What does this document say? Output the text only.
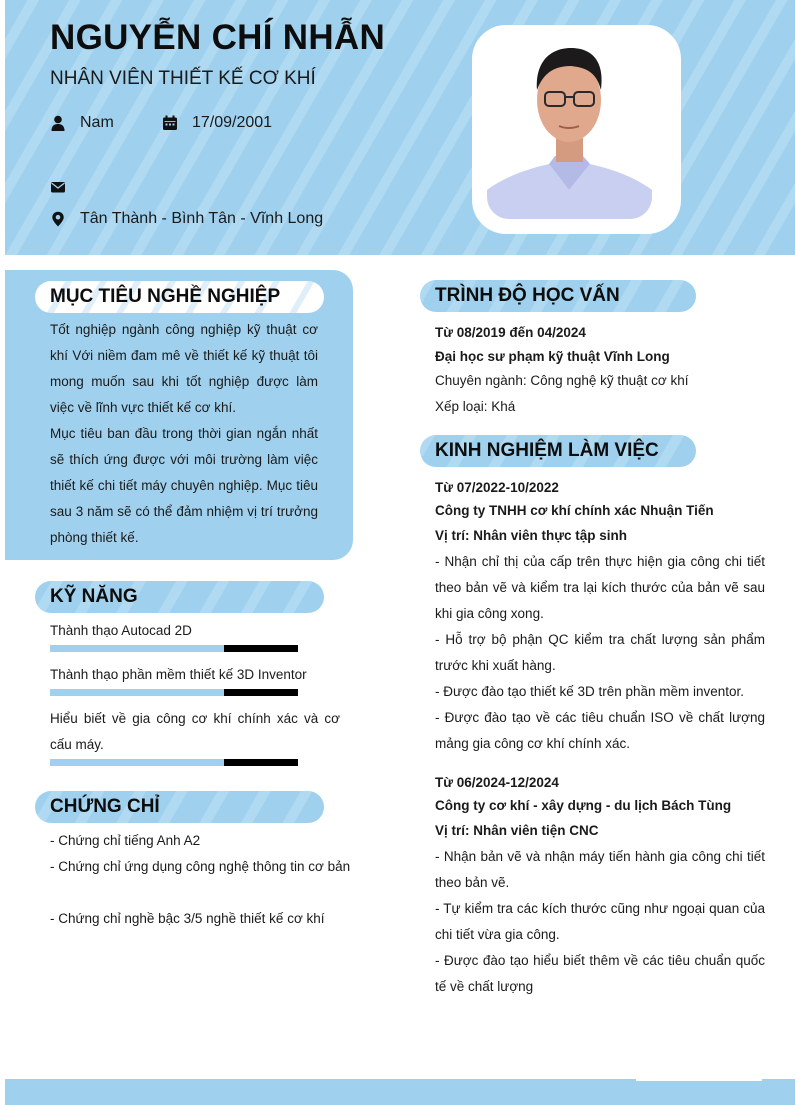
NGUYỄN CHÍ NHẪN

NHÂN VIÊN THIẾT KẾ CƠ KHÍ

Nam	17/09/2001
Tân Thành - Bình Tân - Vĩnh Long
MỤC TIÊU NGHỀ NGHIỆP

Tốt nghiệp ngành công nghiệp kỹ thuật cơ khí Với niềm đam mê về thiết kế kỹ thuật tôi mong muốn sau khi tốt nghiệp được làm việc về lĩnh vực thiết kế cơ khí.

Mục tiêu ban đầu trong thời gian ngắn nhất sẽ thích ứng được với môi trường làm việc thiết kế chi tiết máy chuyên nghiệp. Mục tiêu sau 3 năm sẽ có thể đảm nhiệm vị trí trưởng phòng thiết kế.

KỸ NĂNG

Thành thạo Autocad 2D

Thành thạo phần mềm thiết kế 3D Inventor

Hiểu biết về gia công cơ khí chính xác và cơ cấu máy.

CHỨNG CHỈ

- Chứng chỉ tiếng Anh A2

- Chứng chỉ ứng dụng công nghệ thông tin cơ bản

- Chứng chỉ nghề bậc 3/5 nghề thiết kế cơ khí

TRÌNH ĐỘ HỌC VẤN

Từ 08/2019 đến 04/2024

Đại học sư phạm kỹ thuật Vĩnh Long

Chuyên ngành: Công nghệ kỹ thuật cơ khí

Xếp loại: Khá

KINH NGHIỆM LÀM VIỆC

Từ 07/2022-10/2022

Công ty TNHH cơ khí chính xác Nhuận Tiến

Vị trí: Nhân viên thực tập sinh

- Nhận chỉ thị của cấp trên thực hiện gia công chi tiết theo bản vẽ và kiểm tra lại kích thước của bản vẽ sau khi gia công xong.

- Hỗ trợ bộ phận QC kiểm tra chất lượng sản phẩm trước khi xuất hàng.

- Được đào tạo thiết kế 3D trên phần mềm inventor.

- Được đào tạo về các tiêu chuẩn ISO về chất lượng mảng gia công cơ khí chính xác.

Từ 06/2024-12/2024

Công ty cơ khí - xây dựng - du lịch Bách Tùng

Vị trí: Nhân viên tiện CNC

- Nhận bản vẽ và nhận máy tiến hành gia công chi tiết theo bản vẽ.

- Tự kiểm tra các kích thước cũng như ngoại quan của chi tiết vừa gia công.

- Được đào tạo hiểu biết thêm về các tiêu chuẩn quốc tế về chất lượng
